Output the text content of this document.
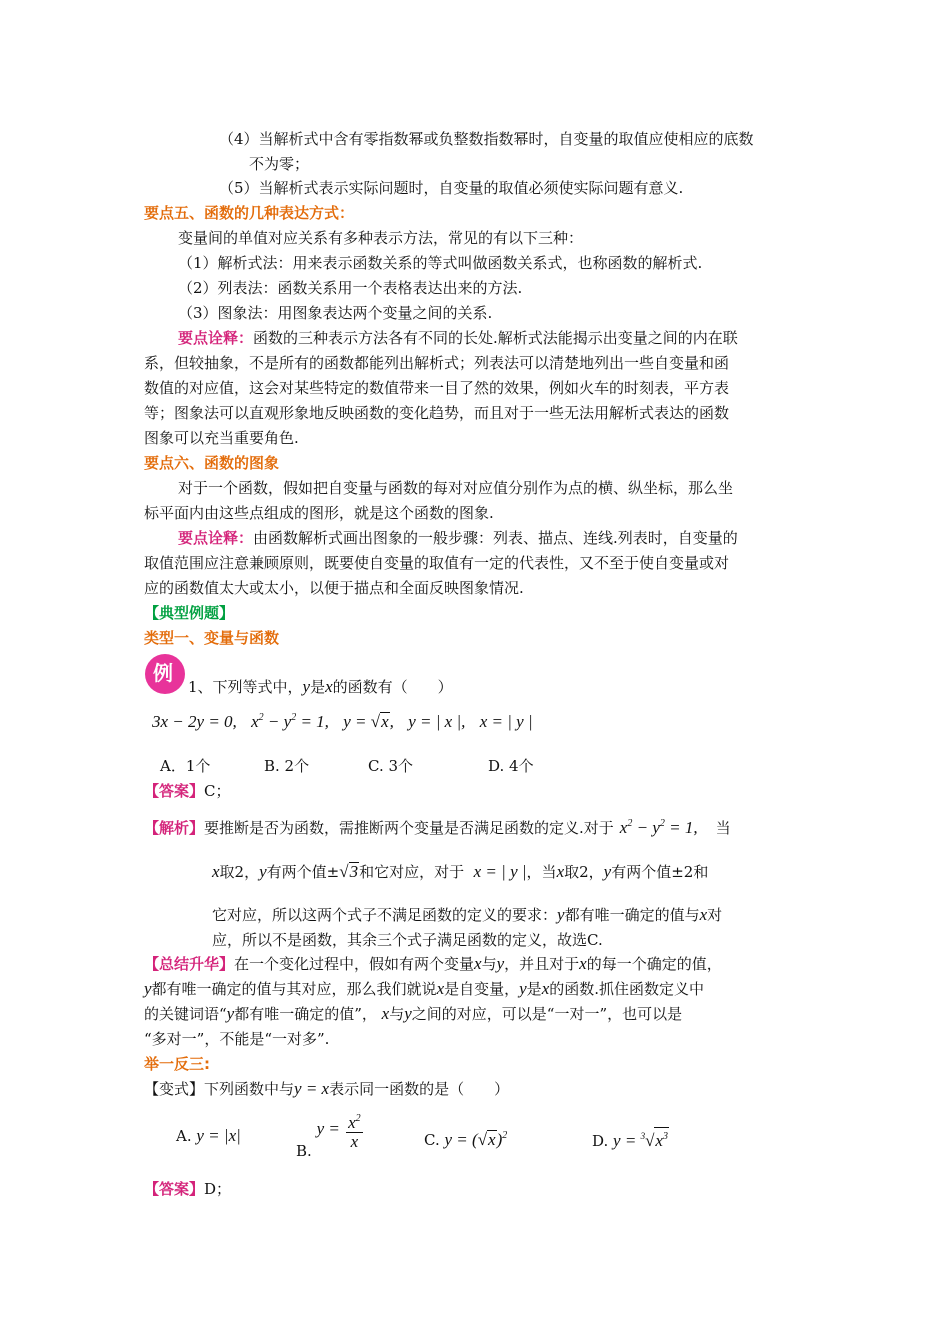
（4）当解析式中含有零指数幂或负整数指数幂时，自变量的取值应使相应的底数
不为零；
（5）当解析式表示实际问题时，自变量的取值必须使实际问题有意义.
要点五、函数的几种表达方式：
变量间的单值对应关系有多种表示方法，常见的有以下三种：
（1）解析式法：用来表示函数关系的等式叫做函数关系式，也称函数的解析式.
（2）列表法：函数关系用一个表格表达出来的方法.
（3）图象法：用图象表达两个变量之间的关系.
要点诠释：函数的三种表示方法各有不同的长处.解析式法能揭示出变量之间的内在联
系，但较抽象，不是所有的函数都能列出解析式；列表法可以清楚地列出一些自变量和函
数值的对应值，这会对某些特定的数值带来一目了然的效果，例如火车的时刻表，平方表
等；图象法可以直观形象地反映函数的变化趋势，而且对于一些无法用解析式表达的函数
图象可以充当重要角色.
要点六、函数的图象
对于一个函数，假如把自变量与函数的每对对应值分别作为点的横、纵坐标，那么坐
标平面内由这些点组成的图形，就是这个函数的图象.
要点诠释：由函数解析式画出图象的一般步骤：列表、描点、连线.列表时，自变量的
取值范围应注意兼顾原则，既要使自变量的取值有一定的代表性，又不至于使自变量或对
应的函数值太大或太小，以便于描点和全面反映图象情况.
【典型例题】
类型一、变量与函数
例
1、下列等式中，y是x的函数有（　　）
3x − 2y = 0, $x^2 - y^2 = 1$, y = √x, y = | x |, x = | y |
A．1个	B. 2个	C. 3个	D. 4个
【答案】C；
【解析】要推断是否为函数，需推断两个变量是否满足函数的定义.对于 $x^2 - y^2 = 1$, 当
x取2，y有两个值±√3和它对应，对于 x = | y |，当x取2，y有两个值±2和
它对应，所以这两个式子不满足函数的定义的要求：y都有唯一确定的值与x对
应，所以不是函数，其余三个式子满足函数的定义，故选C.
【总结升华】在一个变化过程中，假如有两个变量x与y，并且对于x的每一个确定的值，
y都有唯一确定的值与其对应，那么我们就说x是自变量，y是x的函数.抓住函数定义中
的关键词语“y都有唯一确定的值”， x与y之间的对应，可以是“一对一”，也可以是
“多对一”，不能是“一对多”.
举一反三:
【变式】下列函数中与y = x表示同一函数的是（　　）
A. y = |x|
B. $y = \frac{x^2}{x}$	C. $y = (√x)^2$	D. $y = ^3√x^3$
【答案】D；
